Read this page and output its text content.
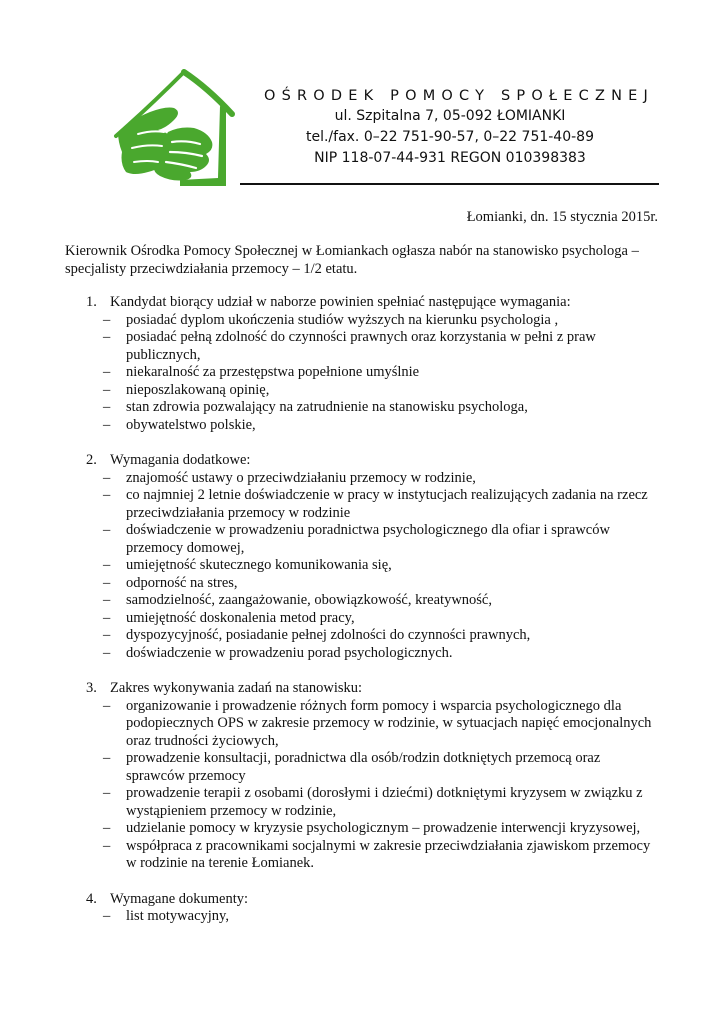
OŚRODEK POMOCY SPOŁECZNEJ
ul. Szpitalna 7, 05-092 ŁOMIANKI
tel./fax. 0–22 751-90-57, 0–22 751-40-89
NIP 118-07-44-931 REGON 010398383
Łomianki, dn. 15 stycznia 2015r.
Kierownik Ośrodka Pomocy Społecznej w Łomiankach ogłasza nabór na stanowisko psychologa – specjalisty przeciwdziałania przemocy – 1/2 etatu.
1. Kandydat biorący udział w naborze powinien spełniać następujące wymagania:
– posiadać dyplom ukończenia studiów wyższych na kierunku psychologia ,
– posiadać pełną zdolność do czynności prawnych oraz korzystania w pełni z praw publicznych,
– niekaralność za przestępstwa popełnione umyślnie
– nieposzlakowaną opinię,
– stan zdrowia pozwalający na zatrudnienie na stanowisku psychologa,
– obywatelstwo polskie,
2. Wymagania dodatkowe:
– znajomość ustawy o przeciwdziałaniu przemocy w rodzinie,
– co najmniej 2 letnie doświadczenie w pracy w instytucjach realizujących zadania na rzecz przeciwdziałania przemocy w rodzinie
– doświadczenie w prowadzeniu poradnictwa psychologicznego dla ofiar i sprawców przemocy domowej,
– umiejętność skutecznego komunikowania się,
– odporność na stres,
– samodzielność, zaangażowanie, obowiązkowość, kreatywność,
– umiejętność doskonalenia metod pracy,
– dyspozycyjność, posiadanie pełnej zdolności do czynności prawnych,
– doświadczenie w prowadzeniu porad psychologicznych.
3. Zakres wykonywania zadań na stanowisku:
– organizowanie i prowadzenie różnych form pomocy i wsparcia psychologicznego dla podopiecznych OPS w zakresie przemocy w rodzinie, w sytuacjach napięć emocjonalnych oraz trudności życiowych,
– prowadzenie konsultacji, poradnictwa dla osób/rodzin dotkniętych przemocą oraz sprawców przemocy
– prowadzenie terapii z osobami (dorosłymi i dziećmi) dotkniętymi kryzysem w związku z wystąpieniem przemocy w rodzinie,
– udzielanie pomocy w kryzysie psychologicznym – prowadzenie interwencji kryzysowej,
– współpraca z pracownikami socjalnymi w zakresie przeciwdziałania zjawiskom przemocy w rodzinie na terenie Łomianek.
4. Wymagane dokumenty:
– list motywacyjny,
